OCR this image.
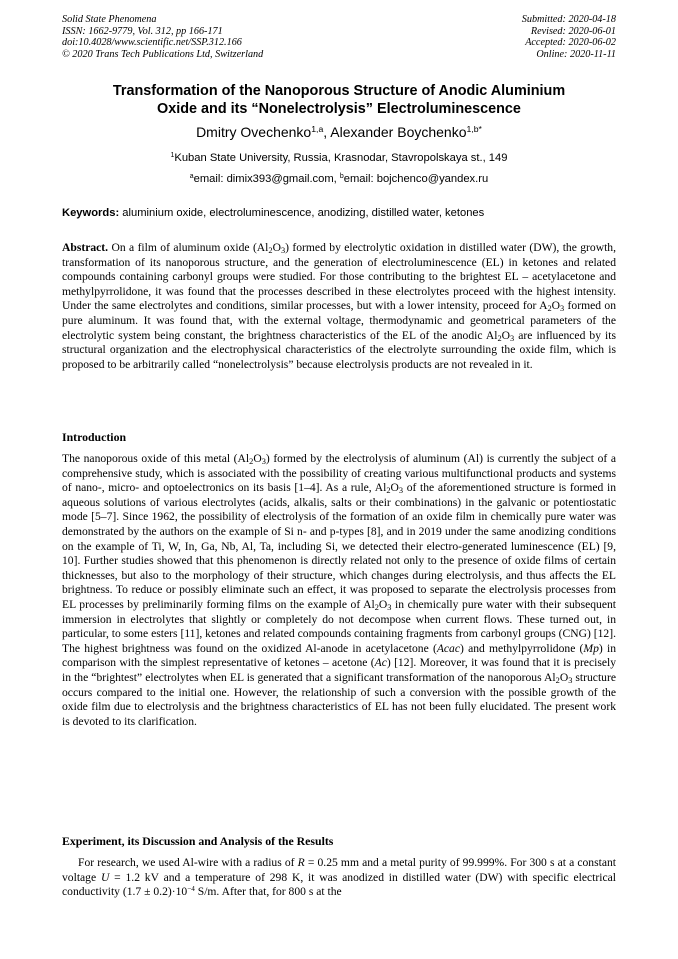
Solid State Phenomena
ISSN: 1662-9779, Vol. 312, pp 166-171
doi:10.4028/www.scientific.net/SSP.312.166
© 2020 Trans Tech Publications Ltd, Switzerland
Submitted: 2020-04-18
Revised: 2020-06-01
Accepted: 2020-06-02
Online: 2020-11-11
Transformation of the Nanoporous Structure of Anodic Aluminium
Oxide and its “Nonelectrolysis” Electroluminescence
Dmitry Ovechenko$^{1,a}$, Alexander Boychenko$^{1,b*}$
$^1$Kuban State University, Russia, Krasnodar, Stavropolskaya st., 149
$^a$email: dimix393@gmail.com, $^b$email: bojchenco@yandex.ru
Keywords: aluminium oxide, electroluminescence, anodizing, distilled water, ketones
Abstract. On a film of aluminum oxide $(Al_2O_3)$ formed by electrolytic oxidation in distilled water (DW), the growth,
transformation of its nanoporous structure, and the generation of electroluminescence (EL) in ketones and related
compounds containing carbonyl groups were studied. For those contributing to the brightest EL – acetylacetone and
methylpyrrolidone, it was found that the processes described in these electrolytes proceed with the highest intensity.
Under the same electrolytes and conditions, similar processes, but with a lower intensity, proceed for $A_2O_3$ formed on
pure aluminum. It was found that, with the external voltage, thermodynamic and geometrical parameters of the
electrolytic system being constant, the brightness characteristics of the EL of the anodic $Al_2O_3$ are influenced by its
structural organization and the electrophysical characteristics of the electrolyte surrounding the oxide film, which is
proposed to be arbitrarily called “nonelectrolysis” because electrolysis products are not revealed in it.
Introduction
The nanoporous oxide of this metal $(Al_2O_3)$ formed by the electrolysis of aluminum (Al) is currently the subject of a
comprehensive study, which is associated with the possibility of creating various multifunctional products and systems
of nano-, micro- and optoelectronics on its basis [1–4]. As a rule, $Al_2O_3$ of the aforementioned structure is formed in
aqueous solutions of various electrolytes (acids, alkalis, salts or their combinations) in the galvanic or potentiostatic
mode [5–7]. Since 1962, the possibility of electrolysis of the formation of an oxide film in chemically pure water was
demonstrated by the authors on the example of Si n- and p-types [8], and in 2019 under the same anodizing conditions
on the example of Ti, W, In, Ga, Nb, Al, Ta, including Si, we detected their electro-generated luminescence (EL) [9,
10]. Further studies showed that this phenomenon is directly related not only to the presence of oxide films of certain
thicknesses, but also to the morphology of their structure, which changes during electrolysis, and thus affects the EL
brightness. To reduce or possibly eliminate such an effect, it was proposed to separate the electrolysis processes from
EL processes by preliminarily forming films on the example of $Al_2O_3$ in chemically pure water with their subsequent
immersion in electrolytes that slightly or completely do not decompose when current flows. These turned out, in
particular, to some esters [11], ketones and related compounds containing fragments from carbonyl groups (CNG) [12].
The highest brightness was found on the oxidized Al-anode in acetylacetone (Acac) and methylpyrrolidone (Mp) in
comparison with the simplest representative of ketones – acetone (Ac) [12]. Moreover, it was found that it is precisely
in the “brightest” electrolytes when EL is generated that a significant transformation of the nanoporous $Al_2O_3$ structure
occurs compared to the initial one. However, the relationship of such a conversion with the possible growth of the
oxide film due to electrolysis and the brightness characteristics of EL has not been fully elucidated. The present work
is devoted to its clarification.
Experiment, its Discussion and Analysis of the Results
For research, we used Al-wire with a radius of R = 0.25 mm and a metal purity of 99.999%. For 300 s at a constant
voltage U = 1.2 kV and a temperature of 298 K, it was anodized in distilled water (DW) with specific electrical
conductivity $(1.7 \pm 0.2)\cdot 10^{-4}$ S/m. After that, for 800 s at the
